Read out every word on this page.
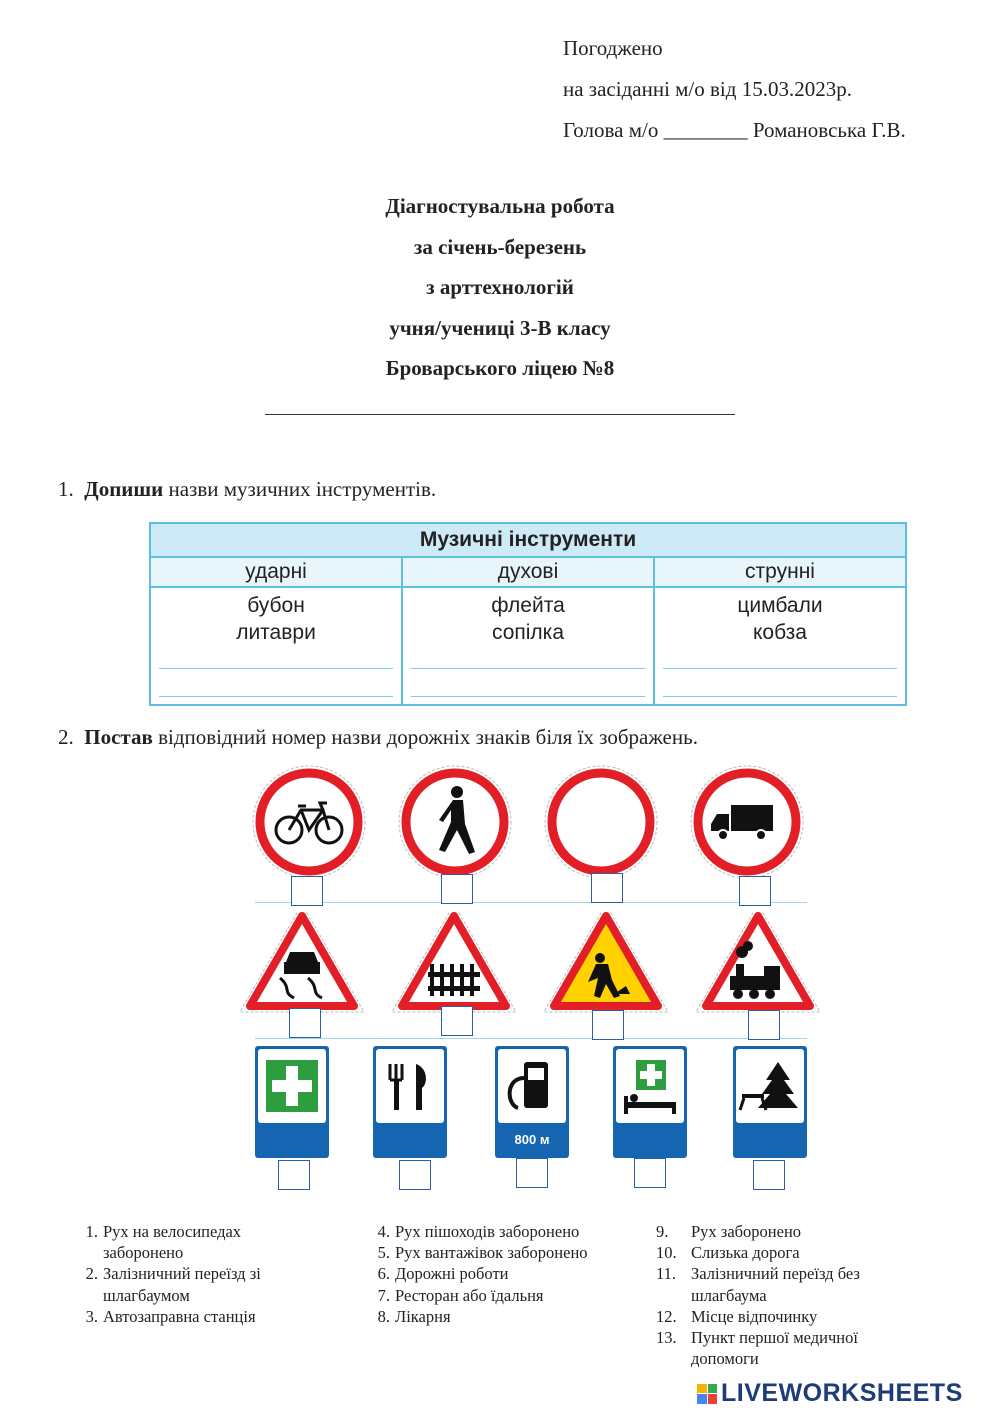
Погоджено
на засіданні м/о від 15.03.2023р.
Голова м/о ________ Романовська Г.В.
Діагностувальна робота
за січень-березень
з арттехнологій
учня/учениці 3-В класу
Броварського ліцею №8
1. Допиши назви музичних інструментів.
Музичні інструменти
ударні
бубон
литаври
духові
флейта
сопілка
струнні
цимбали
кобза
2. Постав відповідний номер назви дорожніх знаків біля їх зображень.
800 м
1. Рух на велосипедах заборонено
2. Залізничний переїзд зі шлагбаумом
3. Автозаправна станція
4. Рух пішоходів заборонено
5. Рух вантажівок заборонено
6. Дорожні роботи
7. Ресторан або їдальня
8. Лікарня
9.	Рух заборонено
10. Слизька дорога
11. Залізничний переїзд без шлагбаума
12. Місце відпочинку
13. Пункт першої медичної допомоги
LIVEWORKSHEETS
